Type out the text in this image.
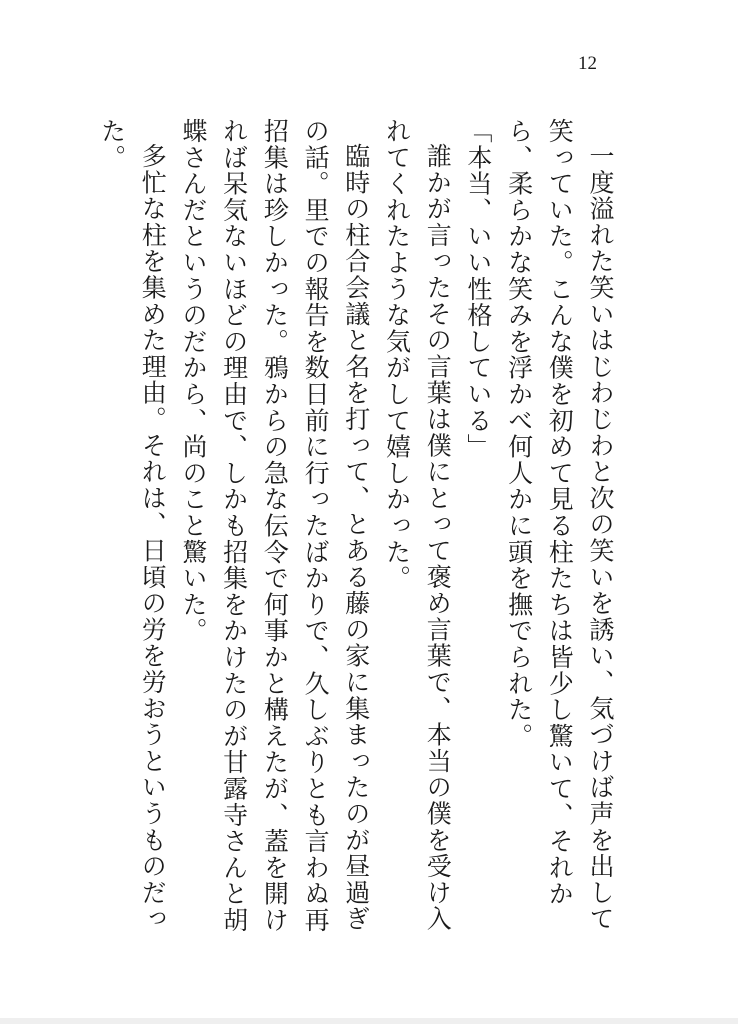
12

一度溢れた笑いはじわじわと次の笑いを誘い、気づけば声を出して笑っていた。こんな僕を初めて見る柱たちは皆少し驚いて、それから、柔らかな笑みを浮かべ何人かに頭を撫でられた。

「本当、いい性格している」

誰かが言ったその言葉は僕にとって褒め言葉で、本当の僕を受け入れてくれたような気がして嬉しかった。

臨時の柱合会議と名を打って、とある藤の家に集まったのが昼過ぎの話。里での報告を数日前に行ったばかりで、久しぶりとも言わぬ再招集は珍しかった。鴉からの急な伝令で何事かと構えたが、蓋を開ければ呆気ないほどの理由で、しかも招集をかけたのが甘露寺さんと胡蝶さんだというのだから、尚のこと驚いた。

多忙な柱を集めた理由。それは、日頃の労を労おうというものだった。
